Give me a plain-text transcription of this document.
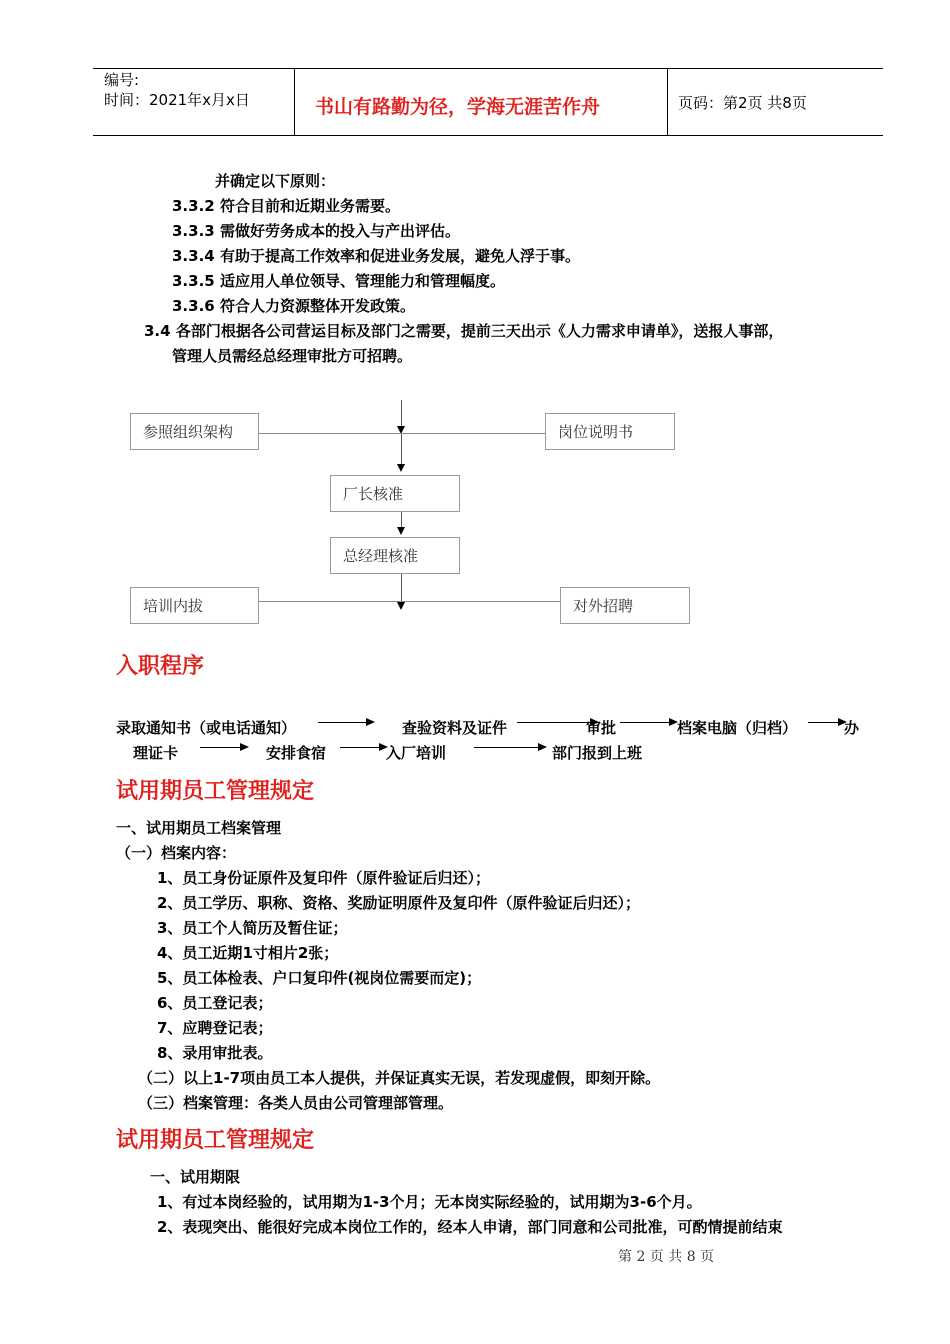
编号:
时间：2021年x月x日	书山有路勤为径，学海无涯苦作舟	页码：第2页 共8页
并确定以下原则：
3.3.2 符合目前和近期业务需要。
3.3.3 需做好劳务成本的投入与产出评估。
3.3.4 有助于提高工作效率和促进业务发展，避免人浮于事。
3.3.5 适应用人单位领导、管理能力和管理幅度。
3.3.6 符合人力资源整体开发政策。
3.4 各部门根据各公司营运目标及部门之需要，提前三天出示《人力需求申请单》，送报人事部，
管理人员需经总经理审批方可招聘。
参照组织架构	岗位说明书
厂长核准
总经理核准
培训内拔	对外招聘
入职程序
录取通知书（或电话通知）	查验资料及证件	审批	档案电脑（归档）	办
理证卡	安排食宿	入厂培训	部门报到上班
试用期员工管理规定
一、试用期员工档案管理
（一）档案内容：
1、员工身份证原件及复印件（原件验证后归还）；
2、员工学历、职称、资格、奖励证明原件及复印件（原件验证后归还）；
3、员工个人简历及暂住证；
4、员工近期1寸相片2张；
5、员工体检表、户口复印件(视岗位需要而定)；
6、员工登记表；
7、应聘登记表；
8、录用审批表。
（二）以上1-7项由员工本人提供，并保证真实无误，若发现虚假，即刻开除。
（三）档案管理：各类人员由公司管理部管理。
试用期员工管理规定
一、试用期限
1、有过本岗经验的，试用期为1-3个月；无本岗实际经验的，试用期为3-6个月。
2、表现突出、能很好完成本岗位工作的，经本人申请，部门同意和公司批准，可酌情提前结束
第 2 页 共 8 页
